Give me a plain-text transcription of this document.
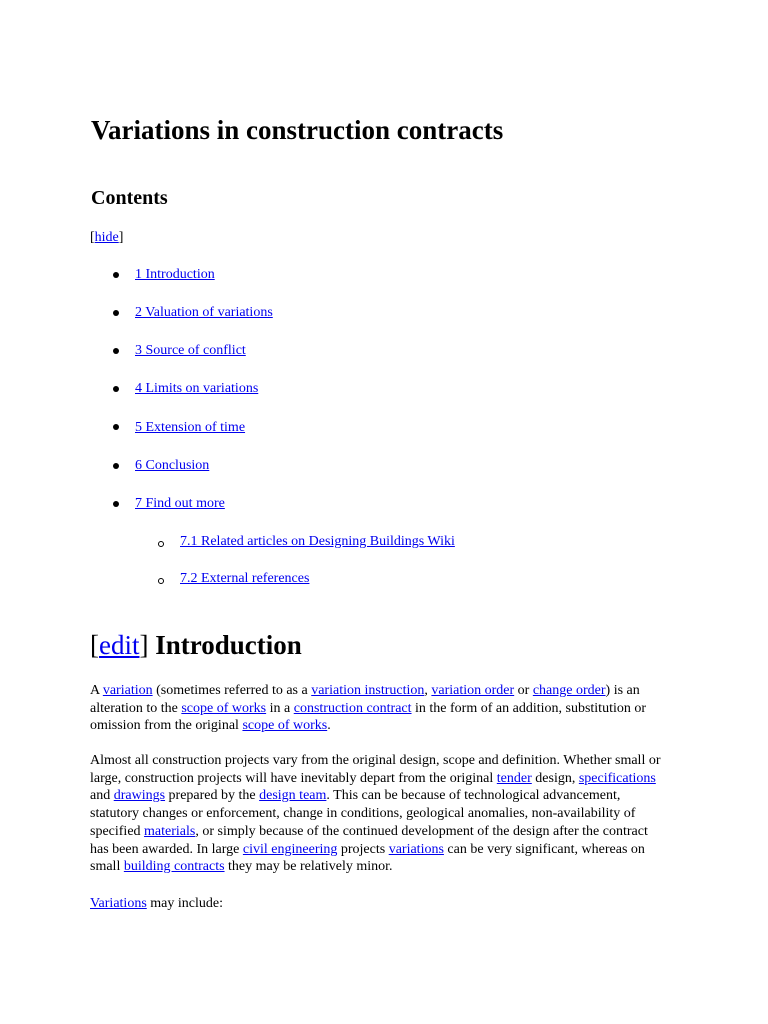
Variations in construction contracts
Contents
[hide]
1 Introduction
2 Valuation of variations
3 Source of conflict
4 Limits on variations
5 Extension of time
6 Conclusion
7 Find out more
7.1 Related articles on Designing Buildings Wiki
7.2 External references
[edit] Introduction

A variation (sometimes referred to as a variation instruction, variation order or change order) is an alteration to the scope of works in a construction contract in the form of an addition, substitution or omission from the original scope of works.

Almost all construction projects vary from the original design, scope and definition. Whether small or large, construction projects will have inevitably depart from the original tender design, specifications and drawings prepared by the design team. This can be because of technological advancement, statutory changes or enforcement, change in conditions, geological anomalies, non-availability of specified materials, or simply because of the continued development of the design after the contract has been awarded. In large civil engineering projects variations can be very significant, whereas on small building contracts they may be relatively minor.

Variations may include:
